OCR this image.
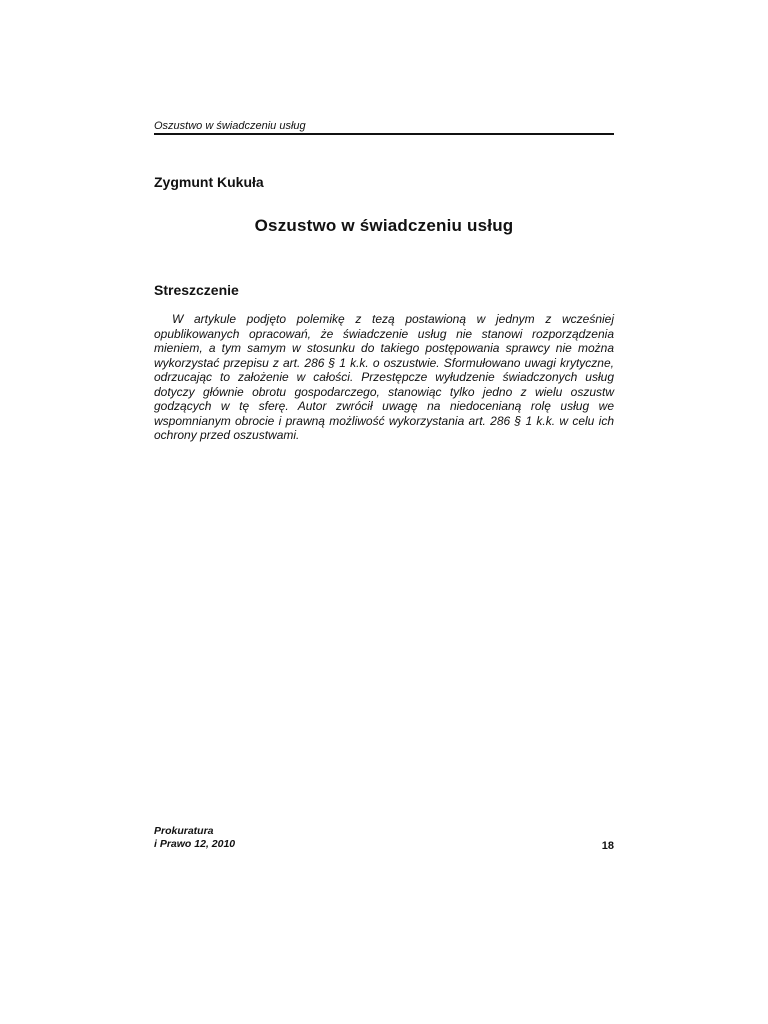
Oszustwo w świadczeniu usług
Zygmunt Kukuła
Oszustwo w świadczeniu usług
Streszczenie

W artykule podjęto polemikę z tezą postawioną w jednym z wcześniej opublikowanych opracowań, że świadczenie usług nie stanowi rozporządzenia mieniem, a tym samym w stosunku do takiego postępowania sprawcy nie można wykorzystać przepisu z art. 286 § 1 k.k. o oszustwie. Sformułowano uwagi krytyczne, odrzucając to założenie w całości. Przestępcze wyłudzenie świadczonych usług dotyczy głównie obrotu gospodarczego, stanowiąc tylko jedno z wielu oszustw godzących w tę sferę. Autor zwrócił uwagę na niedocenianą rolę usług we wspomnianym obrocie i prawną możliwość wykorzystania art. 286 § 1 k.k. w celu ich ochrony przed oszustwami.

Prokuratura
i Prawo 12, 2010	18
